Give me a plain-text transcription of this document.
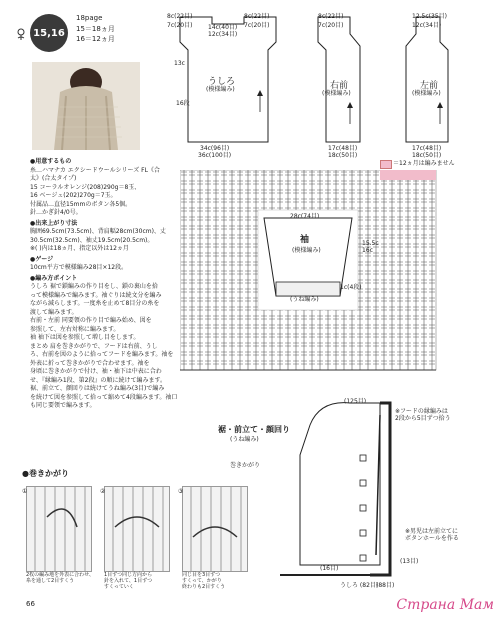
15,16
18page
15＝18ヵ月
16＝12ヵ月
8c(22目)
7c(20目)	14c(40目)
12c(34目)
8c(22目)
7c(20目)
16段
13c
うしろ
(模様編み)
34c(96目)
36c(100目)
8c(22目)
7c(20目)
右前
(模様編み)
17c(48目)
18c(50目)
12.5c(35目)
12c(34目)
左前
(模様編み)
17c(48目)
18c(50目)

●用意するもの

糸…ハマナカ エクシードウールシリーズ FL《合

太》(合太タイプ)

15 コーラルオレンジ(208)290g＝8玉、

16 ベージュ(202)270g＝7玉。

付属品…直径15mmのボタン各5個。

針…かぎ針4/0号。

●出来上がり寸法

胸囲69.5cm(73.5cm)、背肩幅28cm(30cm)、丈

30.5cm(32.5cm)、袖丈19.5cm(20.5cm)。

※( )内は18ヵ月、指定以外は12ヵ月

●ゲージ

10cm平方で模様編み28目×12段。

●編み方ポイント

うしろ 裾で鎖編みの作り目をし、鎖の裏山を拾

って模様編みで編みます。袖ぐりは続文分を編み

ながら減らします。一度糸を止めて8目分の糸を

渡して編みます。

右前・左前 同要領の作り目で編み始め、図を

参照して、左右対称に編みます。

袖 袖下は図を参照して増し目をします。

まとめ 肩を巻きかがりで、フードは右前、うし

ろ、右前を図のように拾ってフードを編みます。袖を

外表に折って巻きかがりで合わせます。袖を

身頃に巻きかがりで付け、袖・袖下は中表に合わ

せ、『縁編み1段、第2段』の順に続けて編みます。

裾、前立て、顔回りは続けてうね編み(3目)で編み

を続けて図を参照して拾って縮めて4段編みます。袖口

も同じ要領で編みます。

＝12ヵ月は編みません
28c(74目)
袖
(模様編み)
15.5c
16c
(うね編み)
1c(4段)
裾・前立て・顔回り
(うね編み)
(125目)
※フードの縁編みは
2段から5目ずつ拾う
巻きかがり
※男児は左前立てに
ボタンホールを作る
(13目)
(16目)
うしろ (82目)
(88目)
●巻きかがり
①	②	③
2枚の編み地を外表に合わせ、
糸を通して2目すくう
1目ずつ同じ方向から
針を入れて、1目ずつ
すくっていく
同じ目を3目ずつ
すくって、かがり
終わりも2目すくう
66	Страна Мам
